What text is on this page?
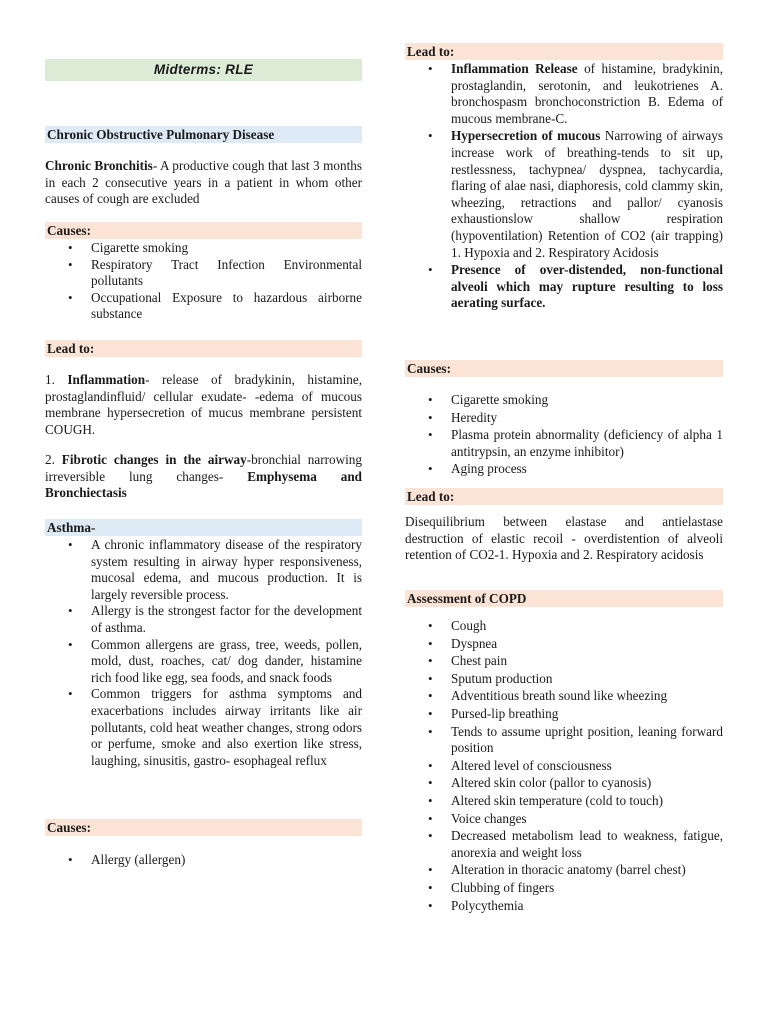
Midterms: RLE
Chronic Obstructive Pulmonary Disease
Chronic Bronchitis- A productive cough that last 3 months in each 2 consecutive years in a patient in whom other causes of cough are excluded
Causes:
• Cigarette smoking
• Respiratory Tract Infection Environmental pollutants
• Occupational Exposure to hazardous airborne substance
Lead to:
1. Inflammation- release of bradykinin, histamine, prostaglandinfluid/ cellular exudate- -edema of mucous membrane hypersecretion of mucus membrane persistent COUGH.
2. Fibrotic changes in the airway-bronchial narrowing irreversible lung changes- Emphysema and Bronchiectasis
Asthma-
• A chronic inflammatory disease of the respiratory system resulting in airway hyper responsiveness, mucosal edema, and mucous production. It is largely reversible process.
• Allergy is the strongest factor for the development of asthma.
• Common allergens are grass, tree, weeds, pollen, mold, dust, roaches, cat/ dog dander, histamine rich food like egg, sea foods, and snack foods
• Common triggers for asthma symptoms and exacerbations includes airway irritants like air pollutants, cold heat weather changes, strong odors or perfume, smoke and also exertion like stress, laughing, sinusitis, gastro- esophageal reflux
Causes:
• Allergy (allergen)
Lead to:
• Inflammation Release of histamine, bradykinin, prostaglandin, serotonin, and leukotrienes A. bronchospasm bronchoconstriction B. Edema of mucous membrane-C.
• Hypersecretion of mucous Narrowing of airways increase work of breathing-tends to sit up, restlessness, tachypnea/ dyspnea, tachycardia, flaring of alae nasi, diaphoresis, cold clammy skin, wheezing, retractions and pallor/ cyanosis exhaustionslow shallow respiration (hypoventilation) Retention of CO2 (air trapping) 1. Hypoxia and 2. Respiratory Acidosis
• Presence of over-distended, non-functional alveoli which may rupture resulting to loss aerating surface.
Causes:
• Cigarette smoking
• Heredity
• Plasma protein abnormality (deficiency of alpha 1 antitrypsin, an enzyme inhibitor)
• Aging process
Lead to:
Disequilibrium between elastase and antielastase destruction of elastic recoil - overdistention of alveoli retention of CO2-1. Hypoxia and 2. Respiratory acidosis
Assessment of COPD
• Cough
• Dyspnea
• Chest pain
• Sputum production
• Adventitious breath sound like wheezing
• Pursed-lip breathing
• Tends to assume upright position, leaning forward position
• Altered level of consciousness
• Altered skin color (pallor to cyanosis)
• Altered skin temperature (cold to touch)
• Voice changes
• Decreased metabolism lead to weakness, fatigue, anorexia and weight loss
• Alteration in thoracic anatomy (barrel chest)
• Clubbing of fingers
• Polycythemia
